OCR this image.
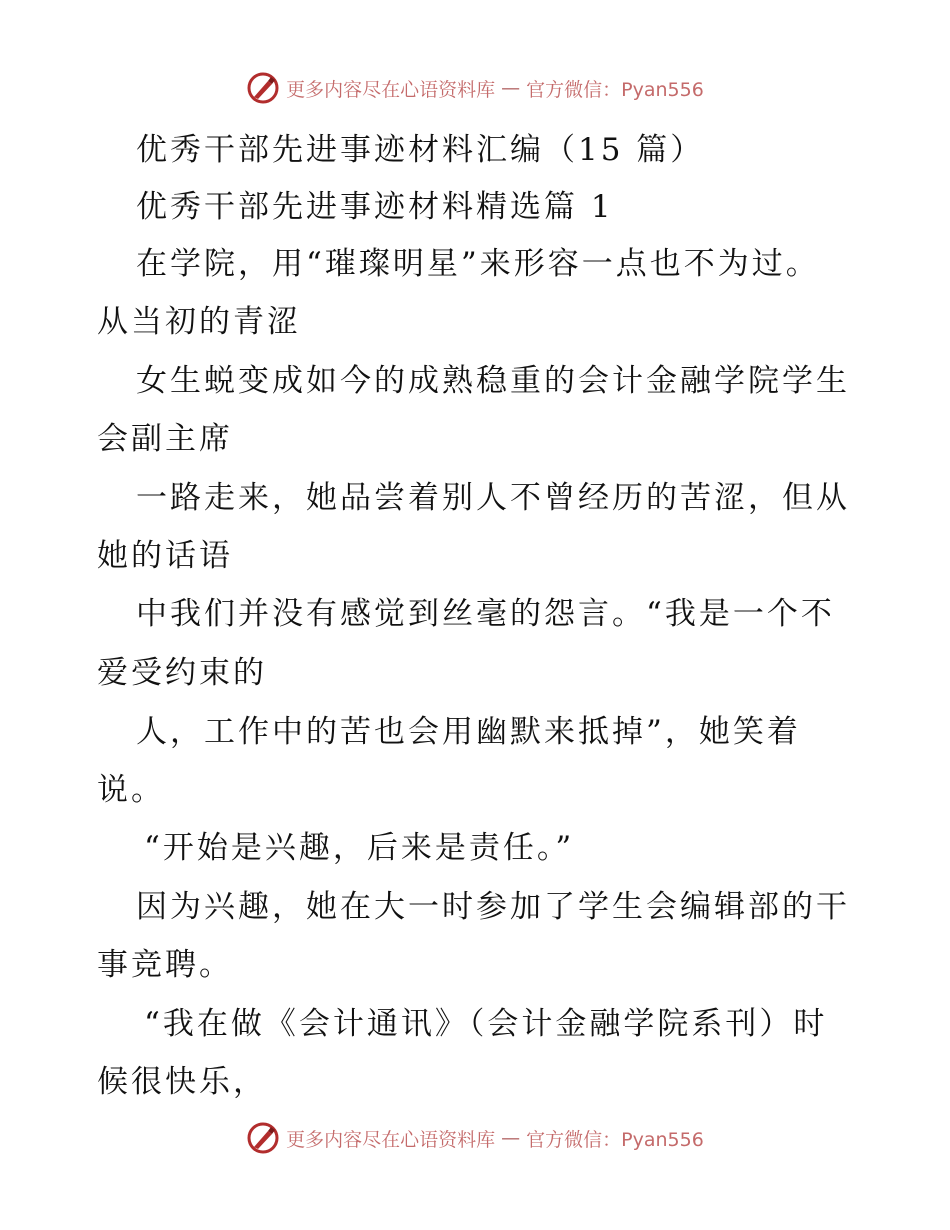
更多内容尽在心语资料库 — 官方微信：Pyan556
优秀干部先进事迹材料汇编（15 篇）
优秀干部先进事迹材料精选篇 1
在学院，用“璀璨明星”来形容一点也不为过。
从当初的青涩
女生蜕变成如今的成熟稳重的会计金融学院学生
会副主席
一路走来，她品尝着别人不曾经历的苦涩，但从
她的话语
中我们并没有感觉到丝毫的怨言。“我是一个不
爱受约束的
人，工作中的苦也会用幽默来抵掉”，她笑着
说。
“开始是兴趣，后来是责任。”
因为兴趣，她在大一时参加了学生会编辑部的干
事竞聘。
“我在做《会计通讯》（会计金融学院系刊）时
候很快乐，
更多内容尽在心语资料库 — 官方微信：Pyan556
